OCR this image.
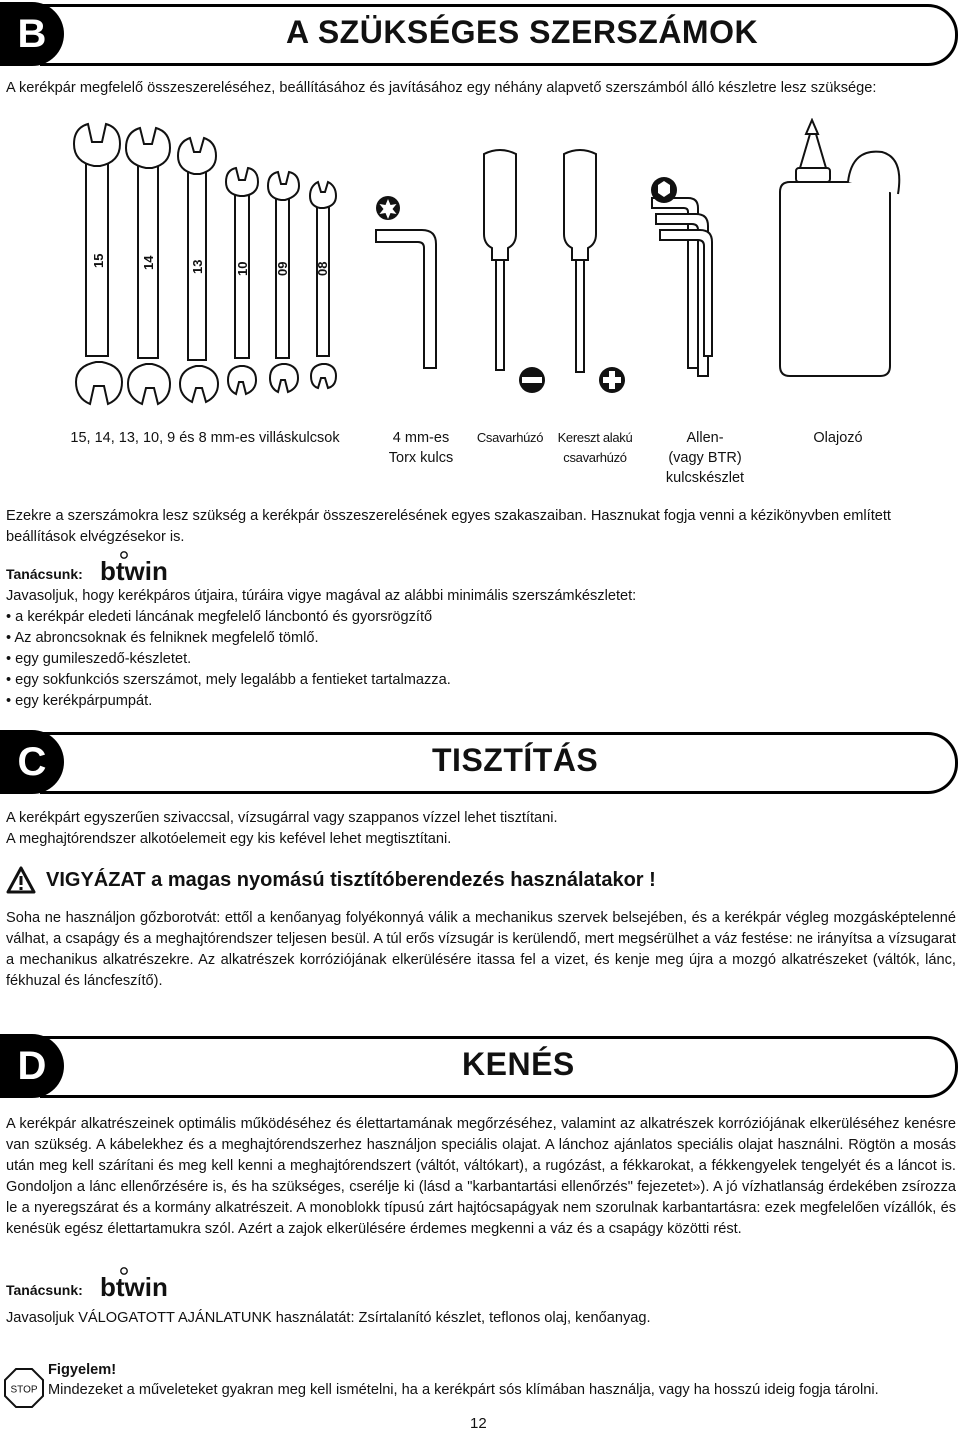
B	A SZÜKSÉGES SZERSZÁMOK

A kerékpár megfelelő összeszereléséhez, beállításához és javításához egy néhány alapvető szerszámból álló készletre lesz szüksége:

15	14	13 10 09 08
15, 14, 13, 10, 9 és 8 mm-es villáskulcsok	4 mm-es
Torx kulcs
Csavarhúzó	Kereszt alakú
csavarhúzó
Allen-
(vagy BTR)
kulcskészlet
Olajozó

Ezekre a szerszámokra lesz szükség a kerékpár összeszerelésének egyes szakaszaiban. Hasznukat fogja venni a kézikönyvben említett beállítások elvégzésekor is.

Tanácsunk: btwin

Javasoljuk, hogy kerékpáros útjaira, túráira vigye magával az alábbi minimális szerszámkészletet:

• a kerékpár eledeti láncának megfelelő láncbontó és gyorsrögzítő
• Az abroncsoknak és felniknek megfelelő tömlő.
• egy gumileszedő-készletet.
• egy sokfunkciós szerszámot, mely legalább a fentieket tartalmazza.
• egy kerékpárpumpát.
C	TISZTÍTÁS

A kerékpárt egyszerűen szivaccsal, vízsugárral vagy szappanos vízzel lehet tisztítani.

A meghajtórendszer alkotóelemeit egy kis kefével lehet megtisztítani.

VIGYÁZAT a magas nyomású tisztítóberendezés használatakor !

Soha ne használjon gőzborotvát: ettől a kenőanyag folyékonnyá válik a mechanikus szervek belsejében, és a kerékpár végleg mozgásképtelenné válhat, a csapágy és a meghajtórendszer teljesen besül. A túl erős vízsugár is kerülendő, mert megsérülhet a váz festése: ne irányítsa a vízsugarat a mechanikus alkatrészekre. Az alkatrészek korróziójának elkerülésére itassa fel a vizet, és kenje meg újra a mozgó alkatrészeket (váltók, lánc, fékhuzal és láncfeszítő).

D	KENÉS

A kerékpár alkatrészeinek optimális működéséhez és élettartamának megőrzéséhez, valamint az alkatrészek korróziójának elkerüléséhez kenésre van szükség. A kábelekhez és a meghajtórendszerhez használjon speciális olajat. A lánchoz ajánlatos speciális olajat használni. Rögtön a mosás után meg kell szárítani és meg kell kenni a meghajtórendszert (váltót, váltókart), a rugózást, a fékkarokat, a fékkengyelek tengelyét és a láncot is. Gondoljon a lánc ellenőrzésére is, és ha szükséges, cserélje ki (lásd a "karbantartási ellenőrzés" fejezetet»). A jó vízhatlanság érdekében zsírozza le a nyeregszárat és a kormány alkatrészeit. A monoblokk típusú zárt hajtócsapágyak nem szorulnak karbantartásra: ezek megfelelően vízállók, és kenésük egész élettartamukra szól. Azért a zajok elkerülésére érdemes megkenni a váz és a csapágy közötti rést.

Tanácsunk: btwin

Javasoljuk VÁLOGATOTT AJÁNLATUNK használatát: Zsírtalanító készlet, teflonos olaj, kenőanyag.

STOP
Figyelem!

Mindezeket a műveleteket gyakran meg kell ismételni, ha a kerékpárt sós klímában használja, vagy ha hosszú ideig fogja tárolni.

12
